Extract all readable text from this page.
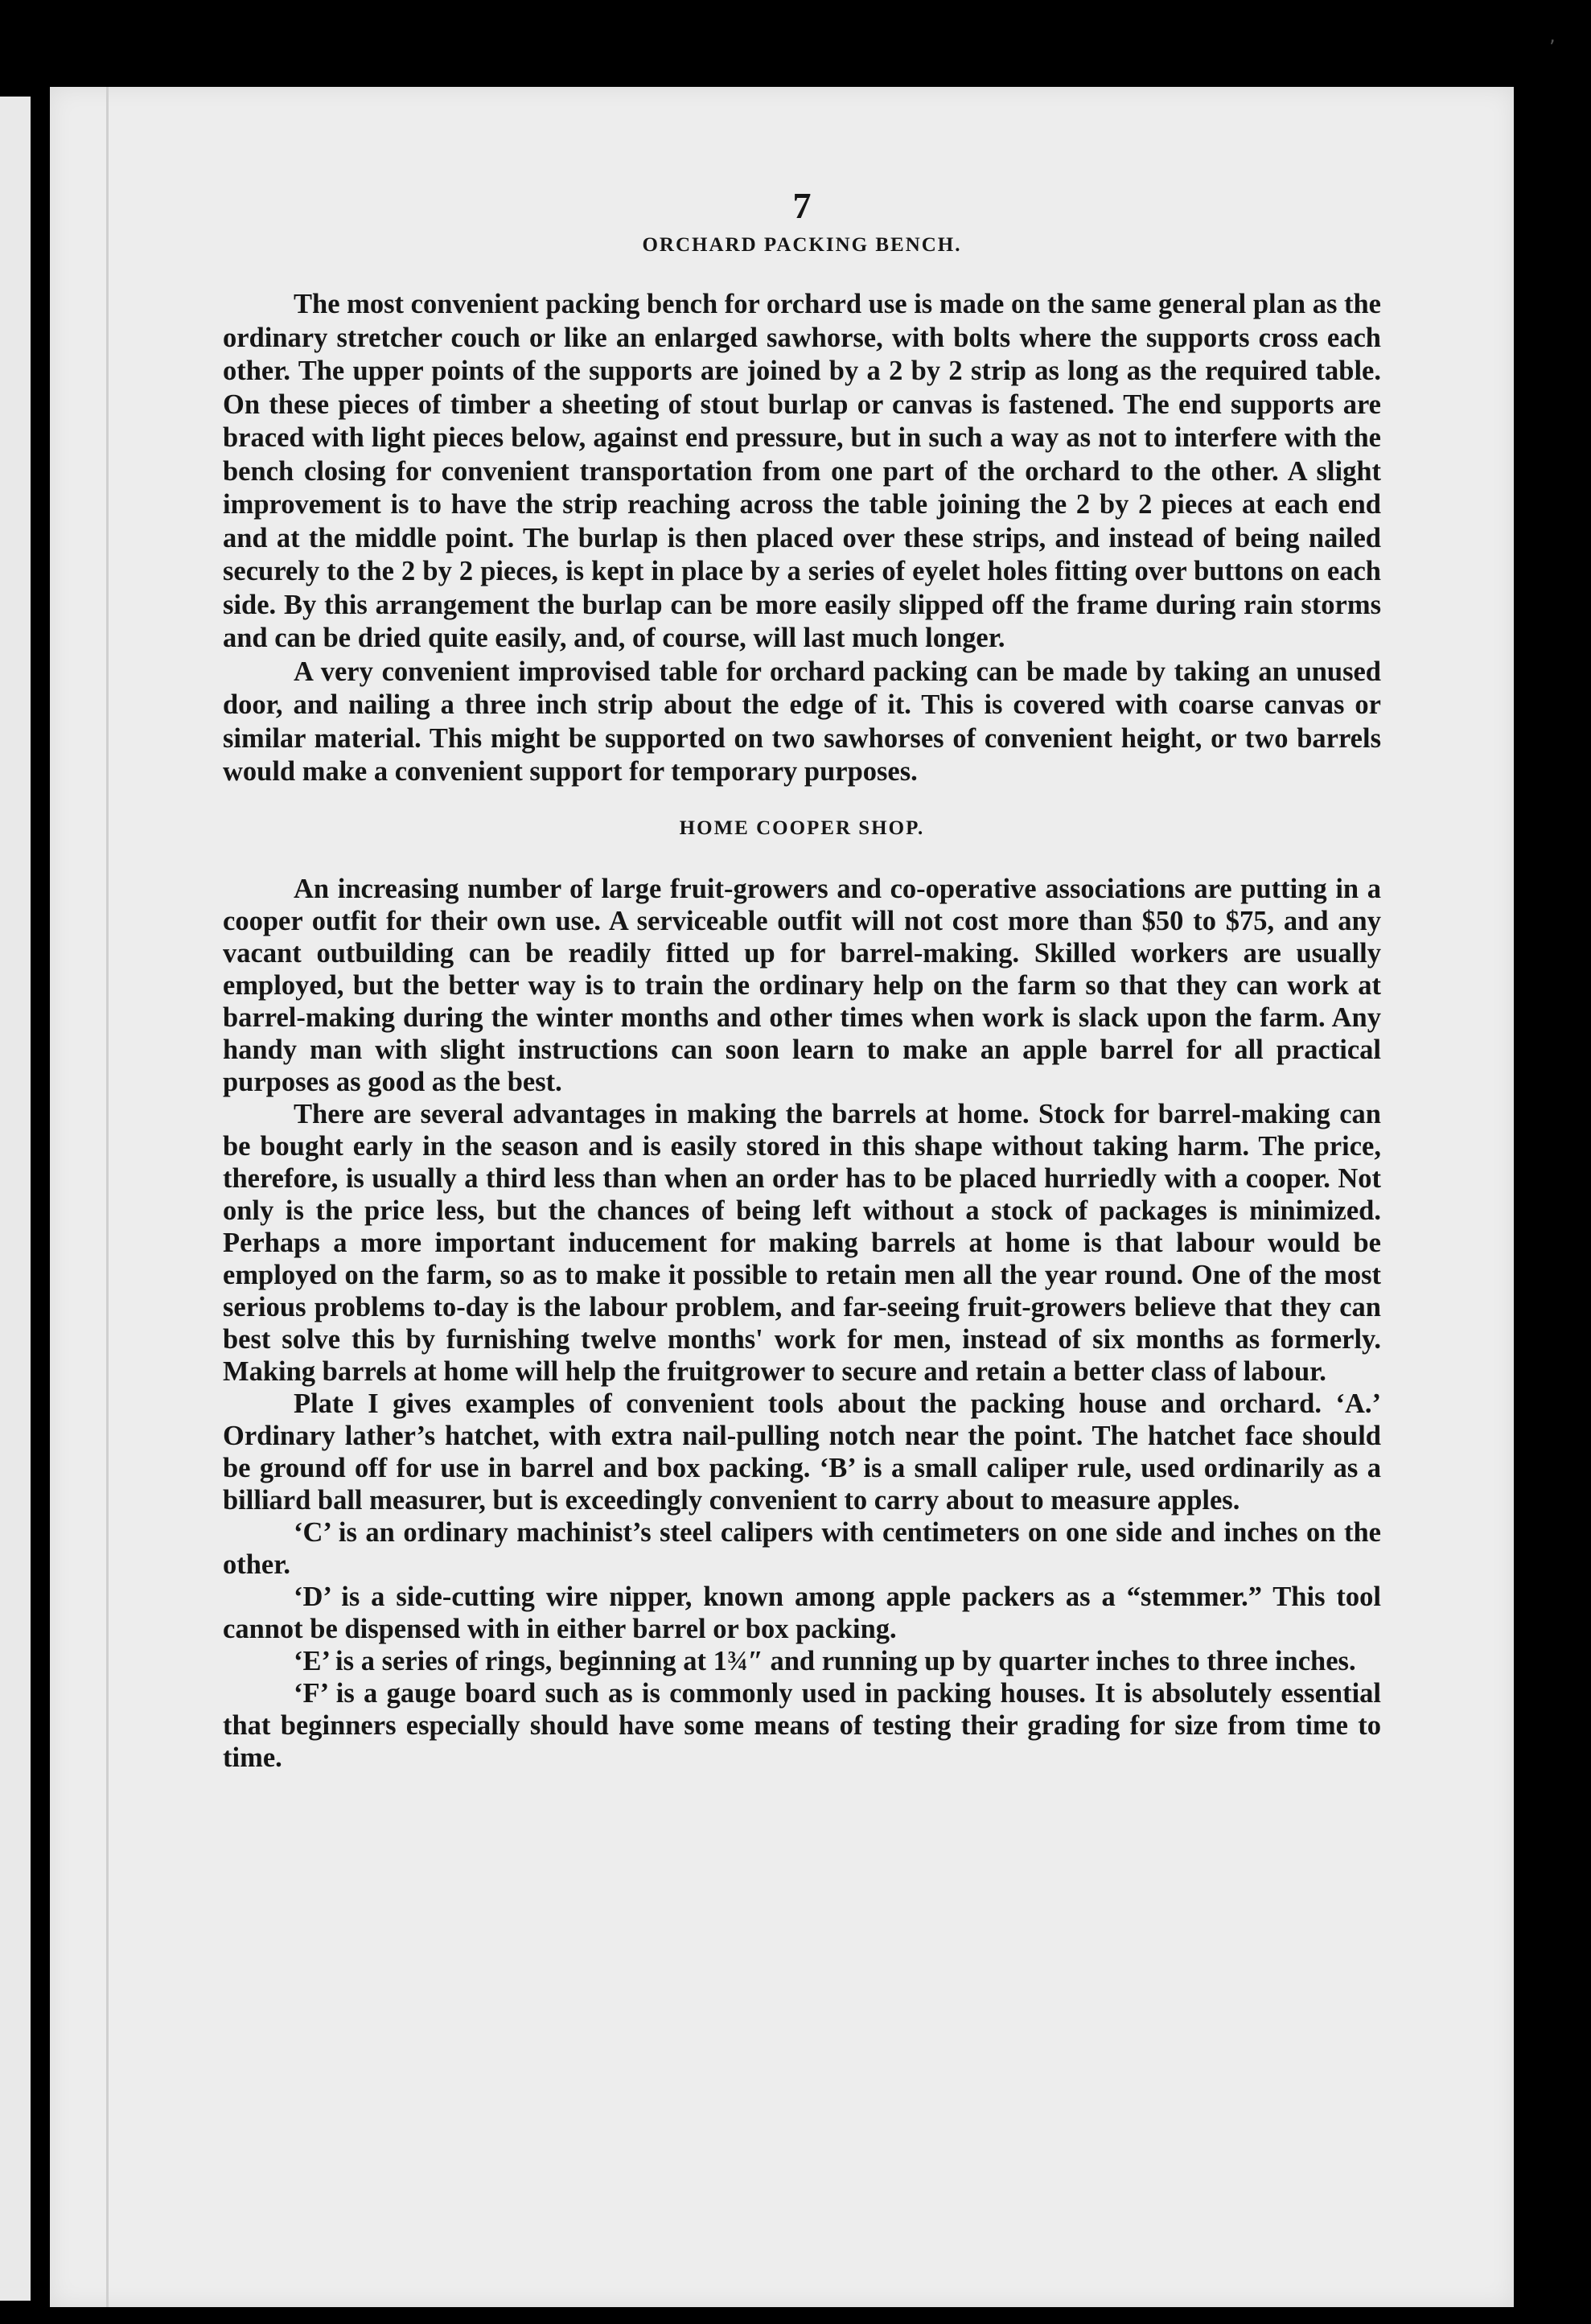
‚
7
ORCHARD PACKING BENCH.

The most convenient packing bench for orchard use is made on the same general plan as the ordinary stretcher couch or like an enlarged sawhorse, with bolts where the supports cross each other. The upper points of the supports are joined by a 2 by 2 strip as long as the required table. On these pieces of timber a sheeting of stout burlap or canvas is fastened. The end supports are braced with light pieces below, against end pressure, but in such a way as not to interfere with the bench closing for convenient transportation from one part of the orchard to the other. A slight improvement is to have the strip reaching across the table joining the 2 by 2 pieces at each end and at the middle point. The burlap is then placed over these strips, and instead of being nailed securely to the 2 by 2 pieces, is kept in place by a series of eyelet holes fitting over buttons on each side. By this arrangement the burlap can be more easily slipped off the frame during rain storms and can be dried quite easily, and, of course, will last much longer.

A very convenient improvised table for orchard packing can be made by taking an unused door, and nailing a three inch strip about the edge of it. This is covered with coarse canvas or similar material. This might be supported on two sawhorses of convenient height, or two barrels would make a convenient support for temporary purposes.

HOME COOPER SHOP.

An increasing number of large fruit-growers and co-operative associations are putting in a cooper outfit for their own use. A serviceable outfit will not cost more than $50 to $75, and any vacant outbuilding can be readily fitted up for barrel-making. Skilled workers are usually employed, but the better way is to train the ordinary help on the farm so that they can work at barrel-making during the winter months and other times when work is slack upon the farm. Any handy man with slight instructions can soon learn to make an apple barrel for all practical purposes as good as the best.

There are several advantages in making the barrels at home. Stock for barrel-making can be bought early in the season and is easily stored in this shape without taking harm. The price, therefore, is usually a third less than when an order has to be placed hurriedly with a cooper. Not only is the price less, but the chances of being left without a stock of packages is minimized. Perhaps a more important inducement for making barrels at home is that labour would be employed on the farm, so as to make it possible to retain men all the year round. One of the most serious problems to-day is the labour problem, and far-seeing fruit-growers believe that they can best solve this by furnishing twelve months' work for men, instead of six months as formerly. Making barrels at home will help the fruitgrower to secure and retain a better class of labour.

Plate I gives examples of convenient tools about the packing house and orchard. ‘A.’ Ordinary lather’s hatchet, with extra nail-pulling notch near the point. The hatchet face should be ground off for use in barrel and box packing. ‘B’ is a small caliper rule, used ordinarily as a billiard ball measurer, but is exceedingly convenient to carry about to measure apples.

‘C’ is an ordinary machinist’s steel calipers with centimeters on one side and inches on the other.

‘D’ is a side-cutting wire nipper, known among apple packers as a “stemmer.” This tool cannot be dispensed with in either barrel or box packing.

‘E’ is a series of rings, beginning at 1¾″ and running up by quarter inches to three inches.

‘F’ is a gauge board such as is commonly used in packing houses. It is absolutely essential that beginners especially should have some means of testing their grading for size from time to time.
